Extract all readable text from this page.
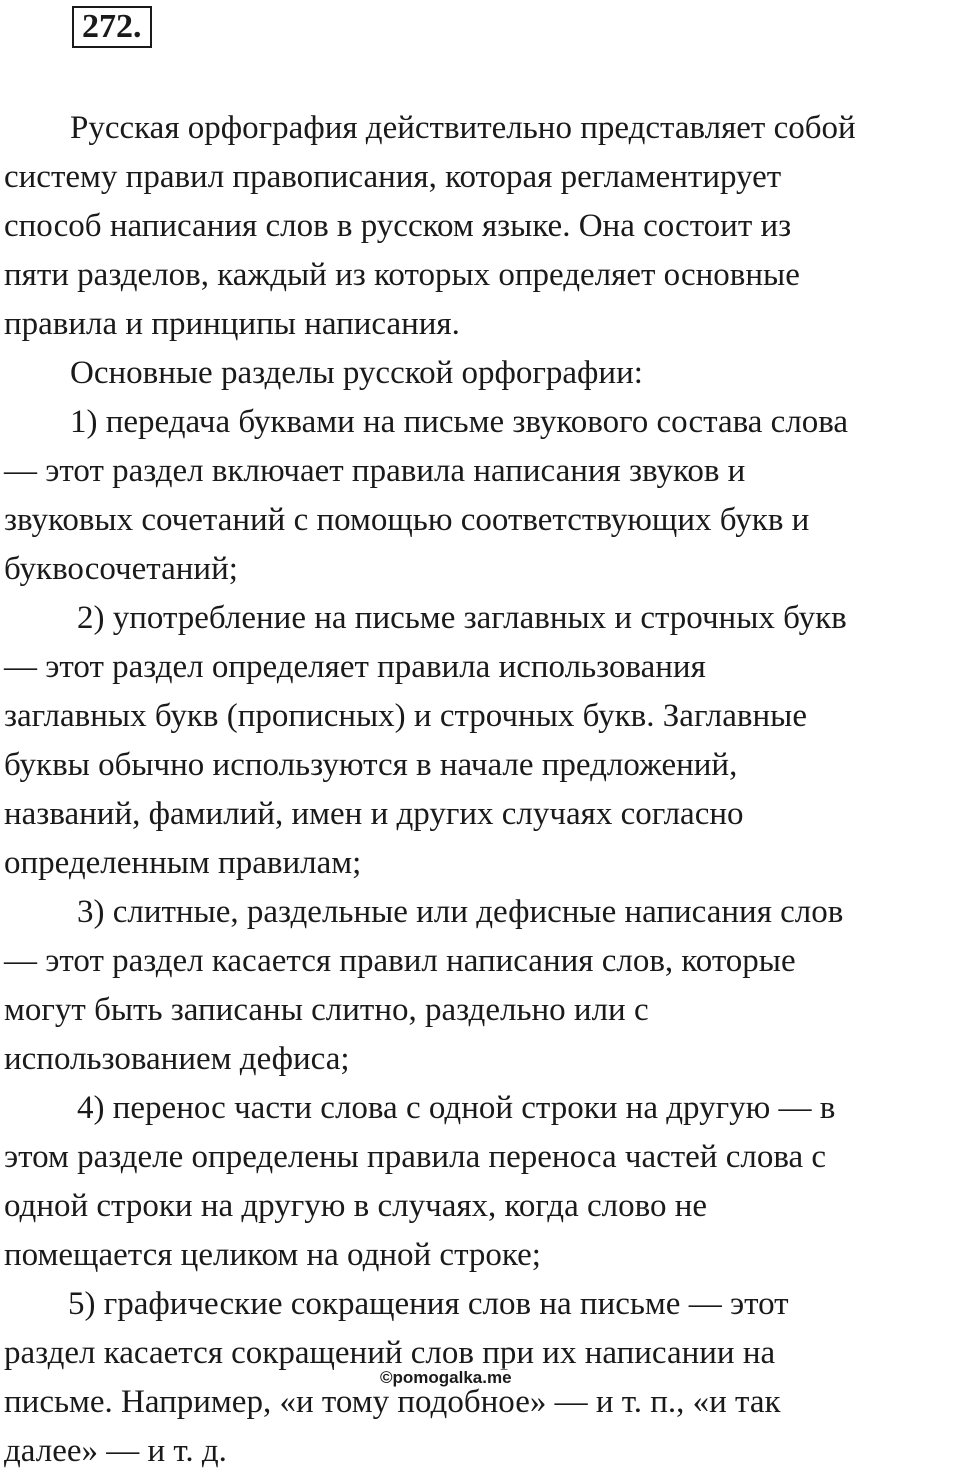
272.
Русская орфография действительно представляет собой
систему правил правописания, которая регламентирует
способ написания слов в русском языке. Она состоит из
пяти разделов, каждый из которых определяет основные
правила и принципы написания.
Основные разделы русской орфографии:
1) передача буквами на письме звукового состава слова
— этот раздел включает правила написания звуков и
звуковых сочетаний с помощью соответствующих букв и
буквосочетаний;
2) употребление на письме заглавных и строчных букв
— этот раздел определяет правила использования
заглавных букв (прописных) и строчных букв. Заглавные
буквы обычно используются в начале предложений,
названий, фамилий, имен и других случаях согласно
определенным правилам;
3) слитные, раздельные или дефисные написания слов
— этот раздел касается правил написания слов, которые
могут быть записаны слитно, раздельно или с
использованием дефиса;
4) перенос части слова с одной строки на другую — в
этом разделе определены правила переноса частей слова с
одной строки на другую в случаях, когда слово не
помещается целиком на одной строке;
5) графические сокращения слов на письме — этот
раздел касается сокращений слов при их написании на
письме. Например, «и тому подобное» — и т. п., «и так
далее» — и т. д.
©pomogalka.me
